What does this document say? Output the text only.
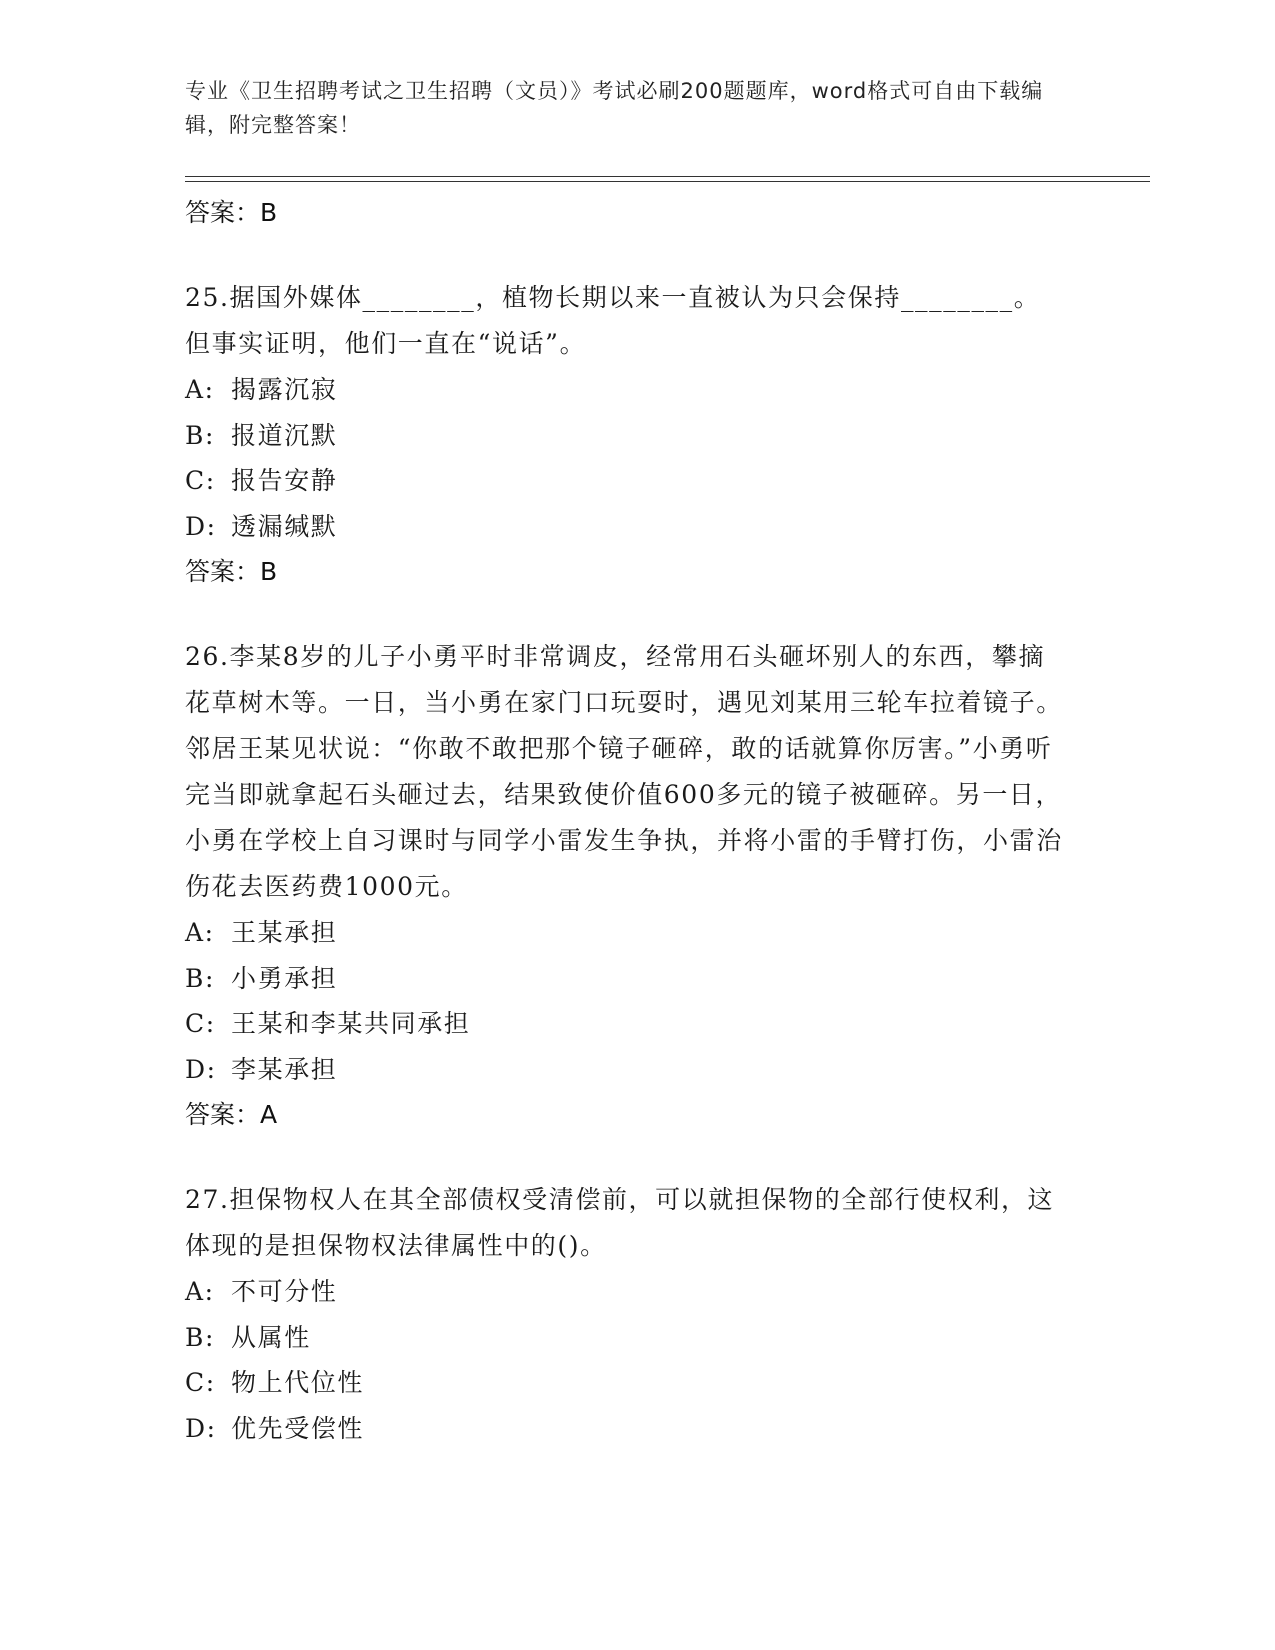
专业《卫生招聘考试之卫生招聘（文员）》考试必刷200题题库，word格式可自由下载编辑，附完整答案！
答案：B

25.据国外媒体________，植物长期以来一直被认为只会保持________。但事实证明，他们一直在“说话”。

A: 揭露沉寂
B: 报道沉默
C: 报告安静
D: 透漏缄默
答案：B

26.李某8岁的儿子小勇平时非常调皮，经常用石头砸坏别人的东西，攀摘花草树木等。一日，当小勇在家门口玩耍时，遇见刘某用三轮车拉着镜子。邻居王某见状说：“你敢不敢把那个镜子砸碎，敢的话就算你厉害。”小勇听完当即就拿起石头砸过去，结果致使价值600多元的镜子被砸碎。另一日，小勇在学校上自习课时与同学小雷发生争执，并将小雷的手臂打伤，小雷治伤花去医药费1000元。

A: 王某承担
B: 小勇承担
C: 王某和李某共同承担
D: 李某承担
答案：A

27.担保物权人在其全部债权受清偿前，可以就担保物的全部行使权利，这体现的是担保物权法律属性中的()。

A: 不可分性
B: 从属性
C: 物上代位性
D: 优先受偿性
